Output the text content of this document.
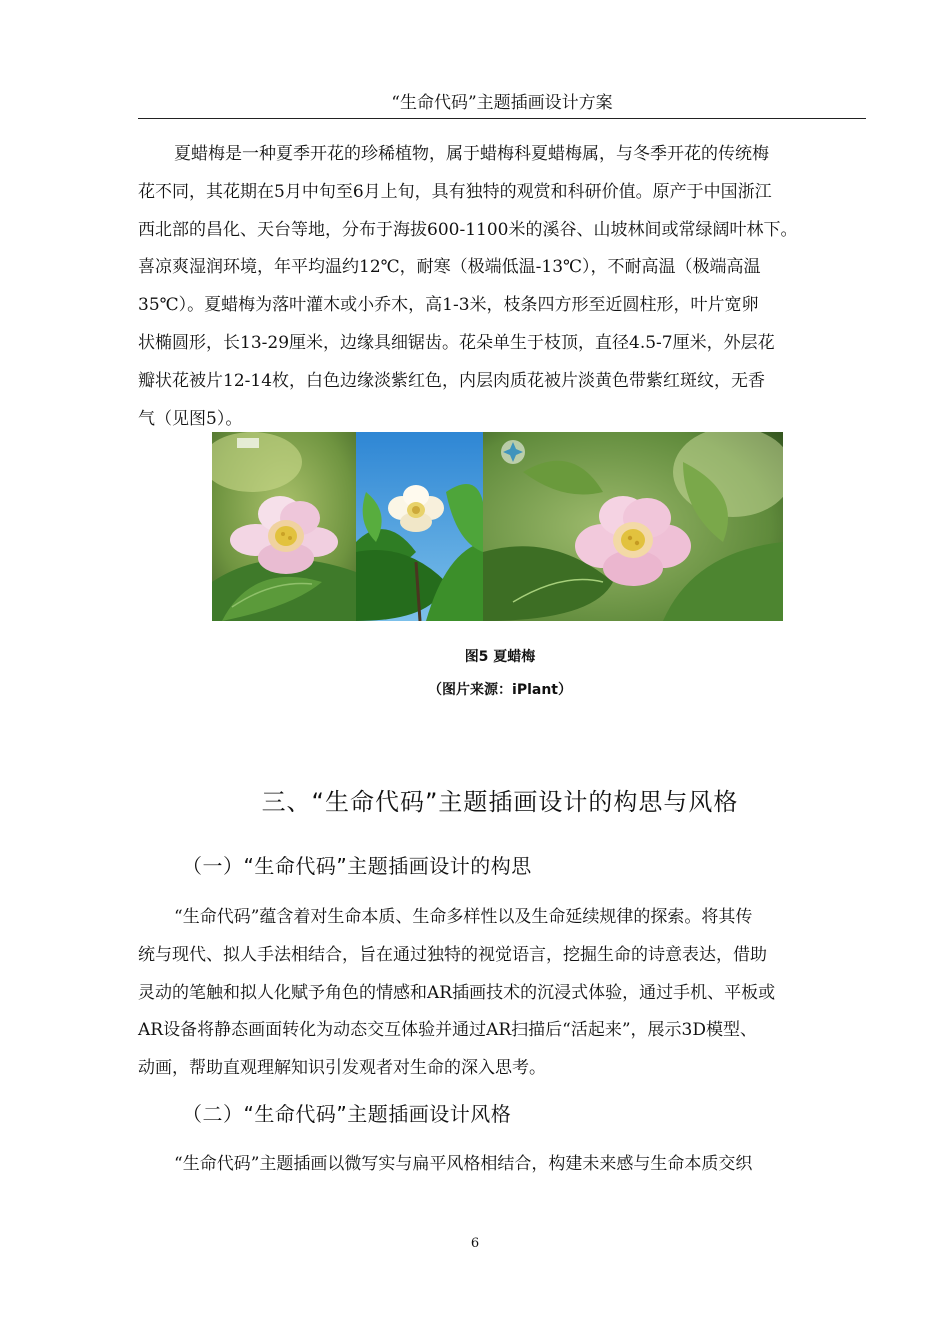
“生命代码”主题插画设计方案
夏蜡梅是一种夏季开花的珍稀植物，属于蜡梅科夏蜡梅属，与冬季开花的传统梅
花不同，其花期在5月中旬至6月上旬，具有独特的观赏和科研价值。原产于中国浙江
西北部的昌化、天台等地，分布于海拔600-1100米的溪谷、山坡林间或常绿阔叶林下。
喜凉爽湿润环境，年平均温约12℃，耐寒（极端低温-13℃），不耐高温（极端高温
35℃）。夏蜡梅为落叶灌木或小乔木，高1-3米，枝条四方形至近圆柱形，叶片宽卵
状椭圆形，长13-29厘米，边缘具细锯齿。花朵单生于枝顶，直径4.5-7厘米，外层花
瓣状花被片12-14枚，白色边缘淡紫红色，内层肉质花被片淡黄色带紫红斑纹，无香
气（见图5）。
图5 夏蜡梅
（图片来源：iPlant）
三、“生命代码”主题插画设计的构思与风格
（一）“生命代码”主题插画设计的构思
“生命代码”蕴含着对生命本质、生命多样性以及生命延续规律的探索。将其传
统与现代、拟人手法相结合，旨在通过独特的视觉语言，挖掘生命的诗意表达，借助
灵动的笔触和拟人化赋予角色的情感和AR插画技术的沉浸式体验，通过手机、平板或
AR设备将静态画面转化为动态交互体验并通过AR扫描后“活起来”，展示3D模型、
动画，帮助直观理解知识引发观者对生命的深入思考。
（二）“生命代码”主题插画设计风格
“生命代码”主题插画以微写实与扁平风格相结合，构建未来感与生命本质交织
6
